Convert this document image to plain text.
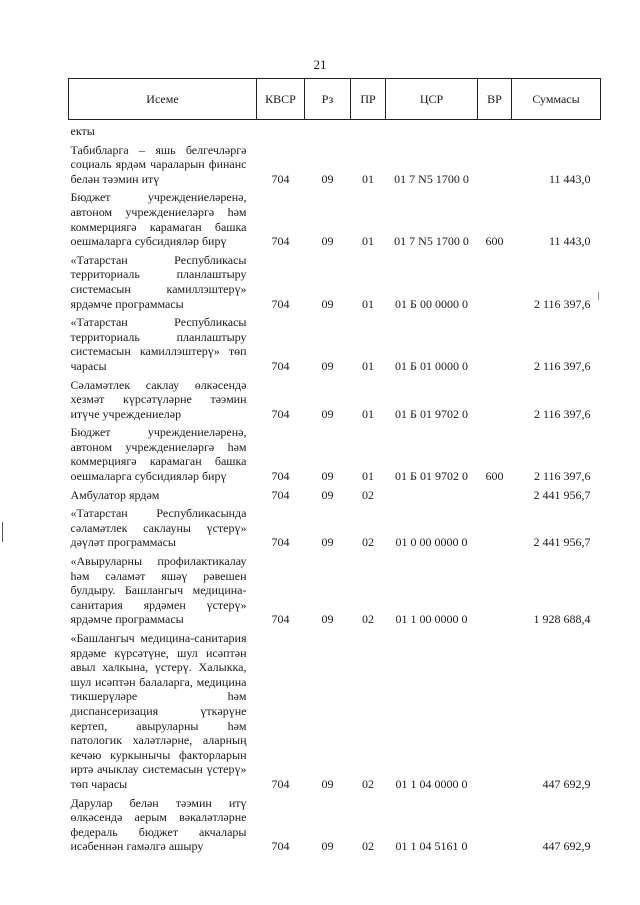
21
Исеме	КВСР	Рз	ПР	ЦСР	ВР	Суммасы
екты						
Табибларга – яшь белгечләргә социаль ярдәм чараларын финанс белән тәэмин итү	704	09	01	01 7 N5 1700 0		11 443,0
Бюджет учреждениеләренә, автоном учреждениеләргә һәм коммерциягә карамаган башка оешмаларга субсидияләр бирү	704	09	01	01 7 N5 1700 0	600	11 443,0
«Татарстан Республикасы территориаль планлаштыру системасын камиллэштерү» ярдәмче программасы	704	09	01	01 Б 00 0000 0		2 116 397,6
«Татарстан Республикасы территориаль планлаштыру системасын камиллэштерү» төп чарасы	704	09	01	01 Б 01 0000 0		2 116 397,6
Сәламәтлек саклау өлкәсендә хезмәт күрсәтүләрне тәэмин итүче учреждениеләр	704	09	01	01 Б 01 9702 0		2 116 397,6
Бюджет учреждениеләренә, автоном учреждениеләргә һәм коммерциягә карамаган башка оешмаларга субсидияләр бирү	704	09	01	01 Б 01 9702 0	600	2 116 397,6
Амбулатор ярдәм	704	09	02			2 441 956,7
«Татарстан Республикасында сәламәтлек саклауны үстерү» дәүләт программасы	704	09	02	01 0 00 0000 0		2 441 956,7
«Авыруларны профилактикалау һәм сәламәт яшәү рәвешен булдыру. Башлангыч медицина-санитария ярдәмен үстерү» ярдәмче программасы	704	09	02	01 1 00 0000 0		1 928 688,4
«Башлангыч медицина-санитария ярдәме күрсәтүне, шул исәптән авыл халкына, үстерү. Халыкка, шул исәптән балаларга, медицина тикшерүләре һәм диспансеризация үткәрүне кертеп, авыруларны һәм патологик халәтләрне, аларның кечәю куркынычы факторларын иртә ачыклау системасын үстерү» төп чарасы	704	09	02	01 1 04 0000 0		447 692,9
Дарулар белән тәэмин итү өлкәсендә аерым вәкаләтләрне федераль бюджет акчалары исәбеннән гамәлгә ашыру	704	09	02	01 1 04 5161 0		447 692,9
